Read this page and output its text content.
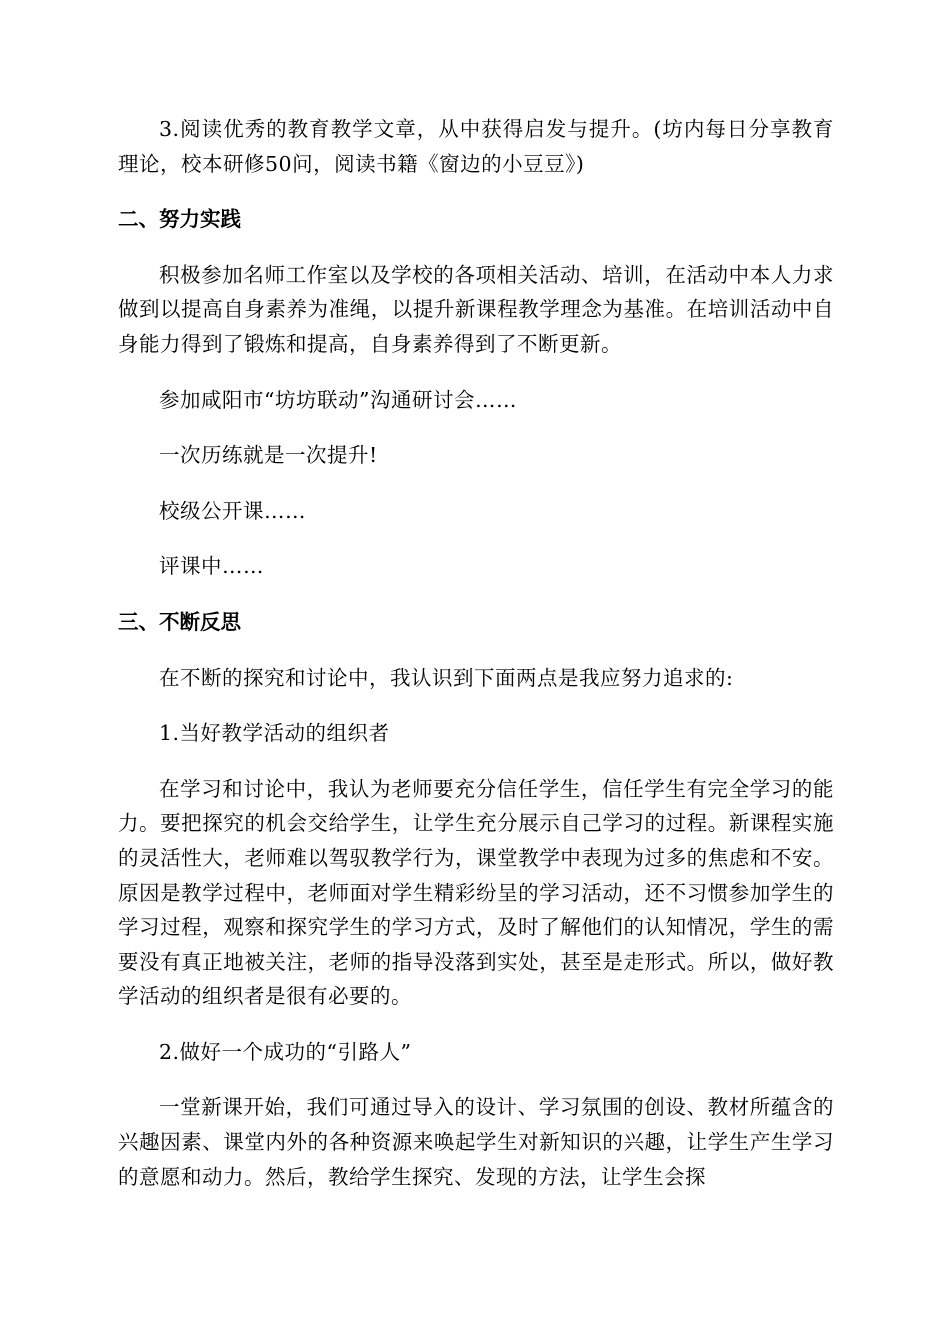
3.阅读优秀的教育教学文章，从中获得启发与提升。(坊内每日分享教育理论，校本研修50问，阅读书籍《窗边的小豆豆》)

二、努力实践

积极参加名师工作室以及学校的各项相关活动、培训，在活动中本人力求做到以提高自身素养为准绳，以提升新课程教学理念为基准。在培训活动中自身能力得到了锻炼和提高，自身素养得到了不断更新。

参加咸阳市“坊坊联动”沟通研讨会……

一次历练就是一次提升!

校级公开课……

评课中……

三、不断反思

在不断的探究和讨论中，我认识到下面两点是我应努力追求的:

1.当好教学活动的组织者

在学习和讨论中，我认为老师要充分信任学生，信任学生有完全学习的能力。要把探究的机会交给学生，让学生充分展示自己学习的过程。新课程实施的灵活性大，老师难以驾驭教学行为，课堂教学中表现为过多的焦虑和不安。原因是教学过程中，老师面对学生精彩纷呈的学习活动，还不习惯参加学生的学习过程，观察和探究学生的学习方式，及时了解他们的认知情况，学生的需要没有真正地被关注，老师的指导没落到实处，甚至是走形式。所以，做好教学活动的组织者是很有必要的。

2.做好一个成功的“引路人”

一堂新课开始，我们可通过导入的设计、学习氛围的创设、教材所蕴含的兴趣因素、课堂内外的各种资源来唤起学生对新知识的兴趣，让学生产生学习的意愿和动力。然后，教给学生探究、发现的方法，让学生会探
